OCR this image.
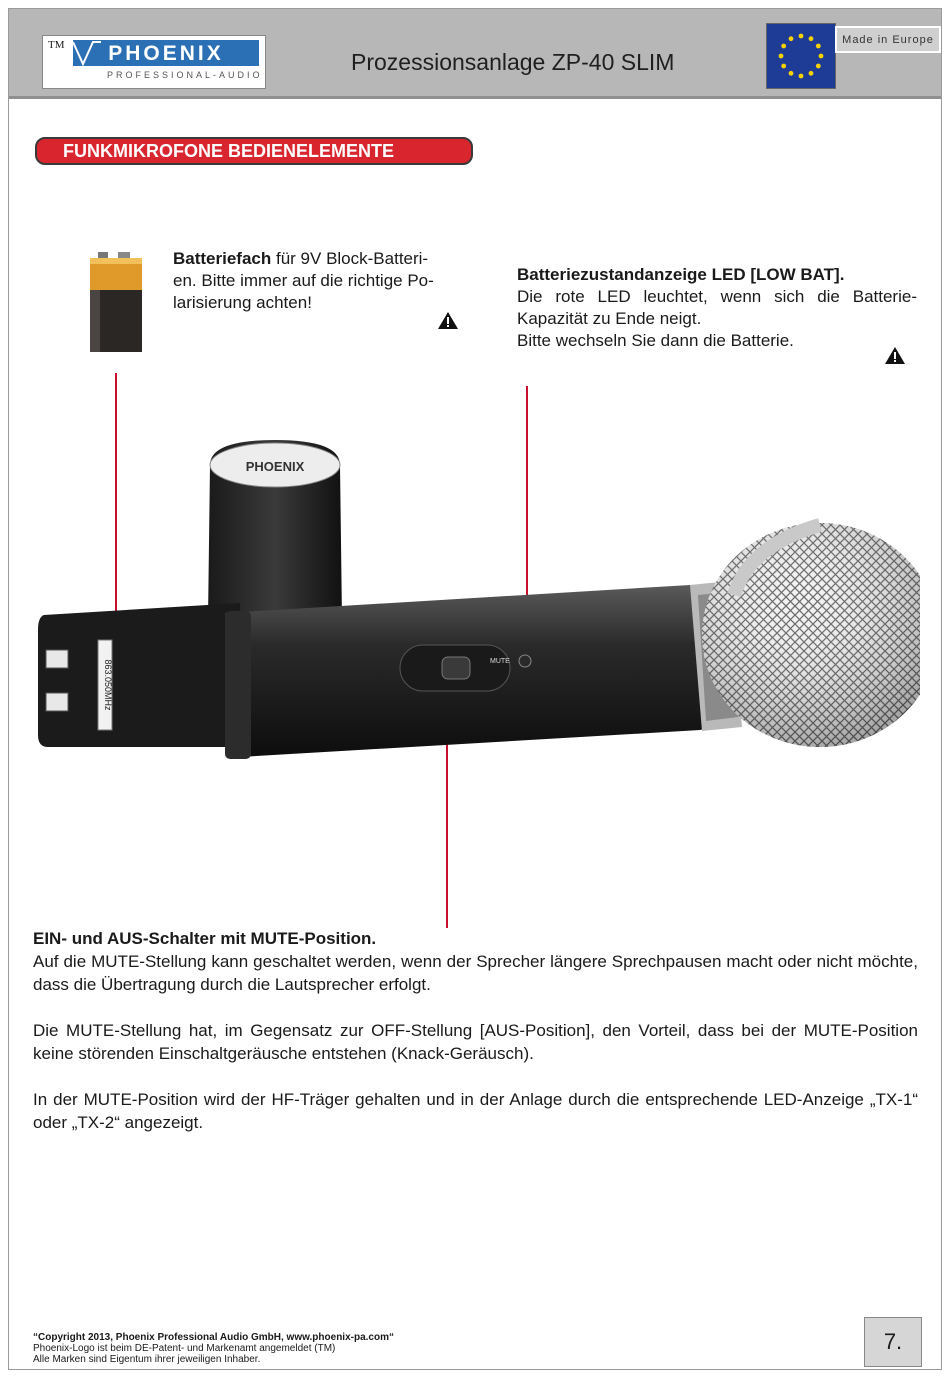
TM	PHOENIX
PROFESSIONAL-AUDIO	Prozessionsanlage ZP-40 SLIM
Made in Europe
FUNKMIKROFONE BEDIENELEMENTE
Batteriefach für 9V Block-Batteri-
en. Bitte immer auf die richtige Po-
larisierung achten!
Batteriezustandanzeige LED [LOW BAT].
Die rote LED leuchtet, wenn sich die Batterie-
Kapazität zu Ende neigt.
Bitte wechseln Sie dann die Batterie.
PHOENIX
863.050MHz	MUTE
EIN- und AUS-Schalter mit MUTE-Position.

Auf die MUTE-Stellung kann geschaltet werden, wenn der Sprecher längere Sprechpausen macht oder nicht möchte, dass die Übertragung durch die Lautsprecher erfolgt.

Die MUTE-Stellung hat, im Gegensatz zur OFF-Stellung [AUS-Position], den Vorteil, dass bei der MUTE-Position keine störenden Einschaltgeräusche entstehen (Knack-Geräusch).

In der MUTE-Position wird der HF-Träger gehalten und in der Anlage durch die entsprechende LED-Anzeige „TX-1“ oder „TX-2“ angezeigt.

“Copyright 2013, Phoenix Professional Audio GmbH, www.phoenix-pa.com“
Phoenix-Logo ist beim DE-Patent- und Markenamt angemeldet (TM)
Alle Marken sind Eigentum ihrer jeweiligen Inhaber.
7.
